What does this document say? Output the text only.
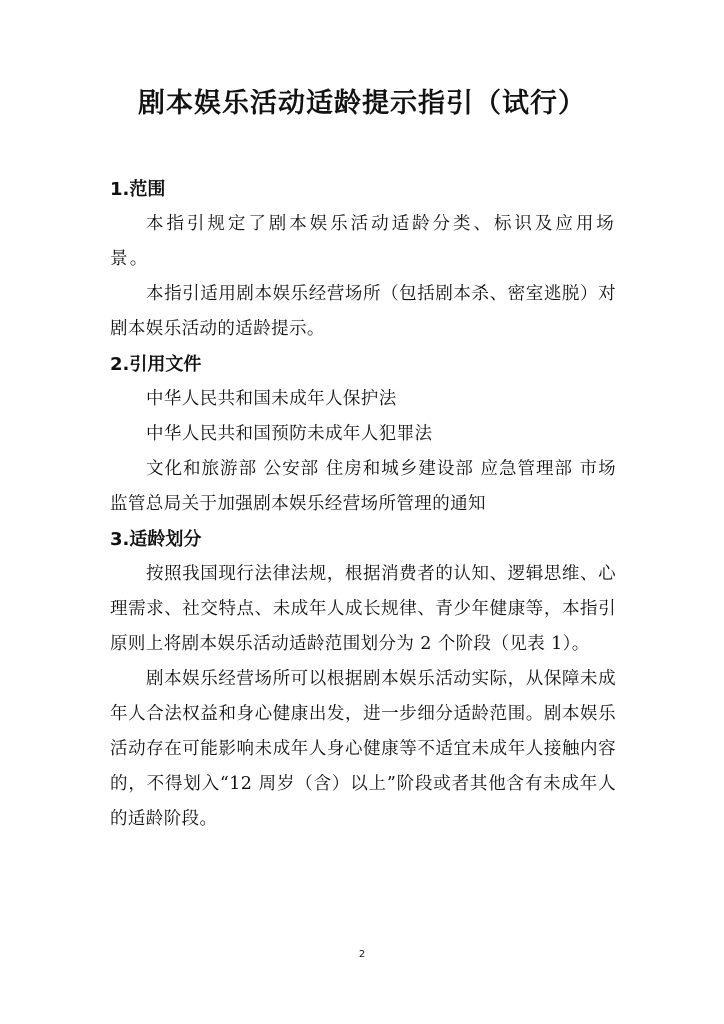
剧本娱乐活动适龄提示指引（试行）
1.范围

本指引规定了剧本娱乐活动适龄分类、标识及应用场景。

本指引适用剧本娱乐经营场所（包括剧本杀、密室逃脱）对剧本娱乐活动的适龄提示。

2.引用文件
中华人民共和国未成年人保护法
中华人民共和国预防未成年人犯罪法

文化和旅游部 公安部 住房和城乡建设部 应急管理部 市场监管总局关于加强剧本娱乐经营场所管理的通知

3.适龄划分

按照我国现行法律法规，根据消费者的认知、逻辑思维、心理需求、社交特点、未成年人成长规律、青少年健康等，本指引原则上将剧本娱乐活动适龄范围划分为 2 个阶段（见表 1）。

剧本娱乐经营场所可以根据剧本娱乐活动实际，从保障未成年人合法权益和身心健康出发，进一步细分适龄范围。剧本娱乐活动存在可能影响未成年人身心健康等不适宜未成年人接触内容的，不得划入“12 周岁（含）以上”阶段或者其他含有未成年人的适龄阶段。

2
